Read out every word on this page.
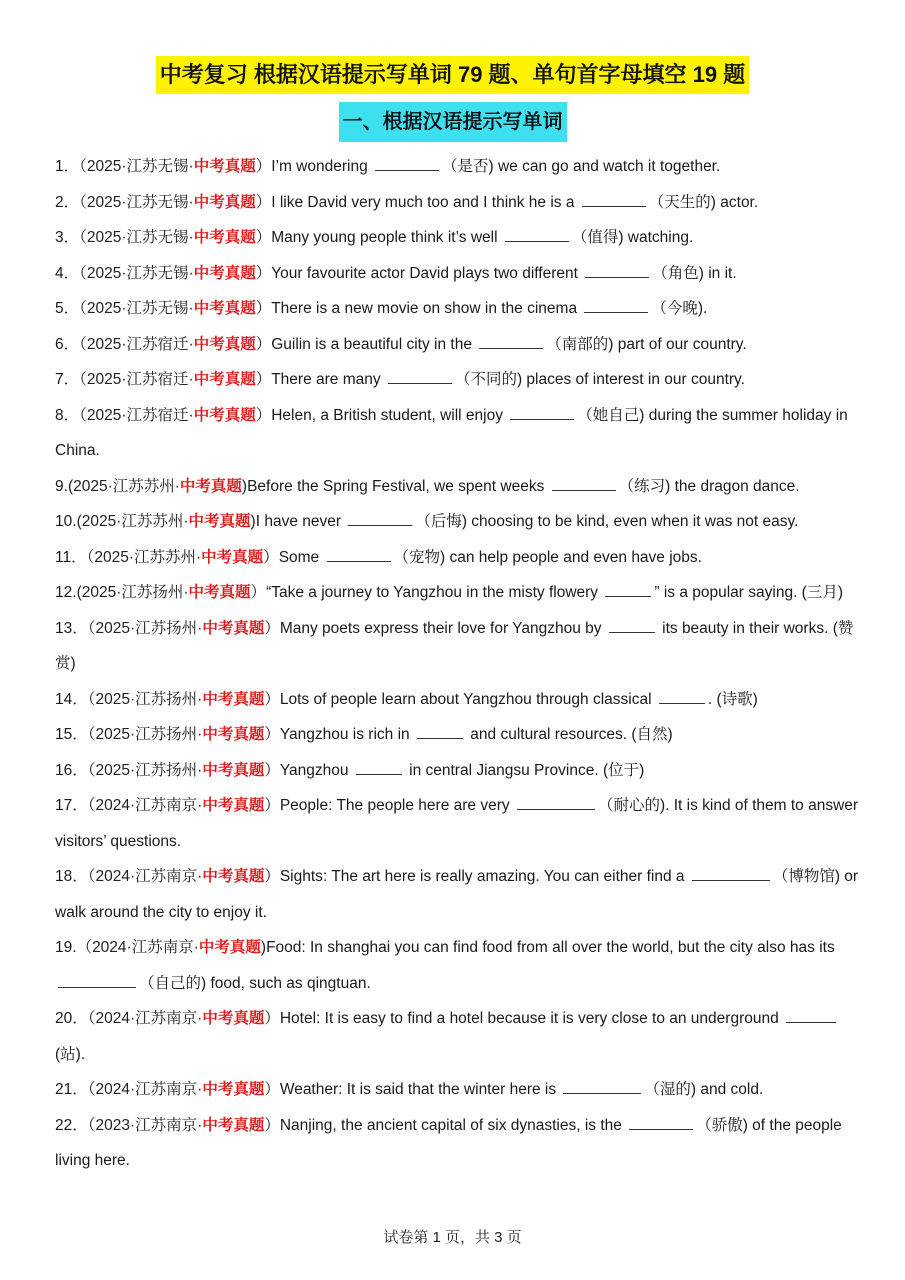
中考复习 根据汉语提示写单词 79 题、单句首字母填空 19 题
一、根据汉语提示写单词
1．（2025·江苏无锡·中考真题）I’m wondering	（是否) we can go and watch it together.
2．（2025·江苏无锡·中考真题）I like David very much too and I think he is a	（天生的) actor.
3．（2025·江苏无锡·中考真题）Many young people think it’s well	（值得) watching.
4．（2025·江苏无锡·中考真题）Your favourite actor David plays two different	（角色) in it.
5．（2025·江苏无锡·中考真题）There is a new movie on show in the cinema	（今晚).
6．（2025·江苏宿迁·中考真题）Guilin is a beautiful city in the	（南部的) part of our country.
7．（2025·江苏宿迁·中考真题）There are many	（不同的) places of interest in our country.
8．（2025·江苏宿迁·中考真题）Helen, a British student, will enjoy	（她自己) during the summer holiday in China.
9.(2025·江苏苏州·中考真题)Before the Spring Festival, we spent weeks	（练习) the dragon dance.
10.(2025·江苏苏州·中考真题)I have never	（后悔) choosing to be kind, even when it was not easy.
11．（2025·江苏苏州·中考真题）Some	（宠物) can help people and even have jobs.
12.(2025·江苏扬州·中考真题）“Take a journey to Yangzhou in the misty flowery	” is a popular saying. (三月)
13．（2025·江苏扬州·中考真题）Many poets express their love for Yangzhou by	its beauty in their works. (赞赏)
14．（2025·江苏扬州·中考真题）Lots of people learn about Yangzhou through classical	. (诗歌)
15．（2025·江苏扬州·中考真题）Yangzhou is rich in	and cultural resources. (自然)
16．（2025·江苏扬州·中考真题）Yangzhou	in central Jiangsu Province. (位于)
17．（2024·江苏南京·中考真题）People: The people here are very	（耐心的). It is kind of them to answer visitors’ questions.
18．（2024·江苏南京·中考真题）Sights: The art here is really amazing. You can either find a	（博物馆) or walk around the city to enjoy it.
19.（2024·江苏南京·中考真题)Food: In shanghai you can find food from all over the world, but the city also has its （自己的) food, such as qingtuan.
20．（2024·江苏南京·中考真题）Hotel: It is easy to find a hotel because it is very close to an underground (站).
21．（2024·江苏南京·中考真题）Weather: It is said that the winter here is	（湿的) and cold.
22．（2023·江苏南京·中考真题）Nanjing, the ancient capital of six dynasties, is the	（骄傲) of the people living here.
试卷第 1 页，共 3 页
